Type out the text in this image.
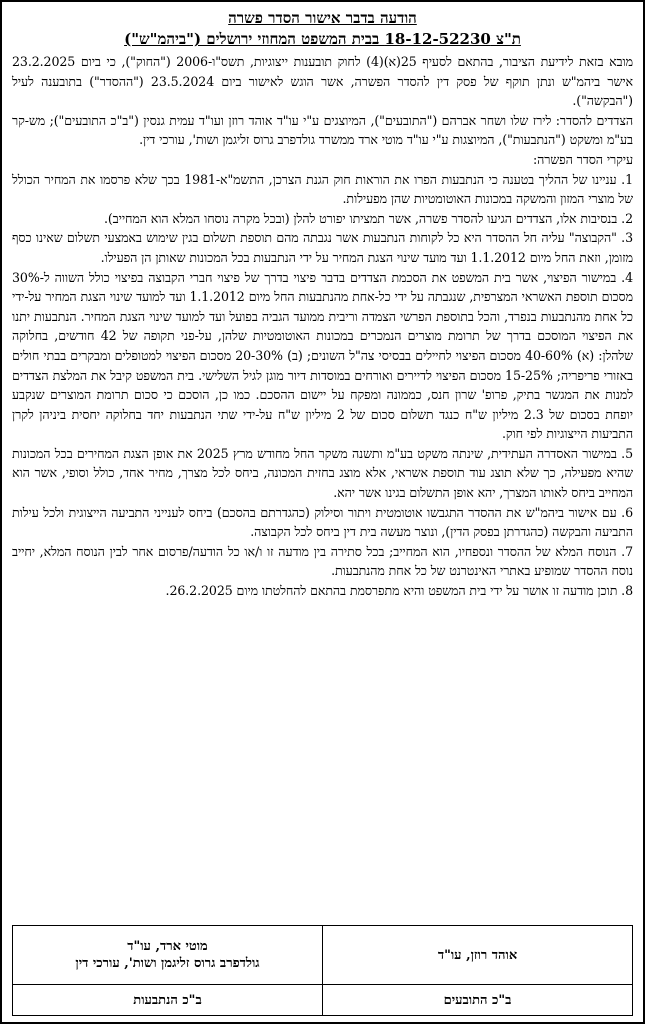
הודעה בדבר אישור הסדר פשרה

ת"צ 18-12-52230 בבית המשפט המחוזי ירושלים ("ביהמ"ש")

מובא בזאת לידיעת הציבור, בהתאם לסעיף 25(א)(4) לחוק תובענות ייצוגיות, תשס"ו-2006 ("החוק"), כי ביום 23.2.2025 אישר ביהמ"ש ונתן תוקף של פסק דין להסדר הפשרה, אשר הוגש לאישור ביום 23.5.2024 ("ההסדר") בתובענה לעיל ("הבקשה").

הצדדים להסדר: לירז שלו ושחר אברהם ("התובעים"), המיוצגים ע"י עו"ד אוהד רוזן ועו"ד עמית גנסין ("ב"כ התובעים"); מש-קר בע"מ ומשקט ("הנתבעות"), המיוצגות ע"י עו"ד מוטי ארד ממשרד גולדפרב גרוס זליגמן ושות', עורכי דין.

עיקרי הסדר הפשרה:

1. עניינו של ההליך בטענה כי הנתבעות הפרו את הוראות חוק הגנת הצרכן, התשמ"א-1981 בכך שלא פרסמו את המחיר הכולל של מוצרי המזון והמשקה במכונות האוטומטיות שהן מפעילות.

2. בנסיבות אלו, הצדדים הגיעו להסדר פשרה, אשר תמציתו יפורט להלן (ובכל מקרה נוסחו המלא הוא המחייב).

3. "הקבוצה" עליה חל ההסדר היא כל לקוחות הנתבעות אשר נגבתה מהם תוספת תשלום בגין שימוש באמצעי תשלום שאינו כסף מזומן, וזאת החל מיום 1.1.2012 ועד מועד שינוי הצגת המחיר על ידי הנתבעות בכל המכונות שאותן הן הפעילו.

4. במישור הפיצוי, אשר בית המשפט את הסכמת הצדדים בדבר פיצוי בדרך של פיצוי חברי הקבוצה בפיצוי כולל השווה ל-30% מסכום תוספת האשראי המצרפית, שנגבתה על ידי כל-אחת מהנתבעות החל מיום 1.1.2012 ועד למועד שינוי הצגת המחיר על-ידי כל אחת מהנתבעות בנפרד, והכל בתוספת הפרשי הצמדה וריבית ממועד הגביה בפועל ועד למועד שינוי הצגת המחיר. הנתבעות יתנו את הפיצוי המוסכם בדרך של תרומת מוצרים הנמכרים במכונות האוטומטיות שלהן, על-פני תקופה של 42 חודשים, בחלוקה שלהלן: (א) 40-60% מסכום הפיצוי לחיילים בבסיסי צה"ל השונים; (ב) 20-30% מסכום הפיצוי למטופלים ומבקרים בבתי חולים באזורי פריפריה; 15-25% מסכום הפיצוי לדיירים ואורחים במוסדות דיור מוגן לגיל השלישי. בית המשפט קיבל את המלצת הצדדים למנות את המגשר בתיק, פרופ' שרון חנס, כממונה ומפקח על יישום ההסכם. כמו כן, הוסכם כי סכום תרומת המוצרים שנקבע יופחת בסכום של 2.3 מיליון ש"ח כנגד תשלום סכום של 2 מיליון ש"ח על-ידי שתי הנתבעות יחד בחלוקה יחסית ביניהן לקרן התביעות הייצוגיות לפי חוק.

5. במישור האסדרה העתידית, שינתה משקט בע"מ ותשנה משקר החל מחודש מרץ 2025 את אופן הצגת המחירים בכל המכונות שהיא מפעילה, כך שלא תוצג עוד תוספת אשראי, אלא מוצג בחזית המכונה, ביחס לכל מצרך, מחיר אחד, כולל וסופי, אשר הוא המחייב ביחס לאותו המצרך, יהא אופן התשלום בגינו אשר יהא.

6. עם אישור ביהמ"ש את ההסדר התגבשו אוטומטית ויתור וסילוק (כהגדרתם בהסכם) ביחס לענייני התביעה הייצוגית ולכל עילות התביעה והבקשה (כהגדרתן בפסק הדין), ונוצר מעשה בית דין ביחס לכל הקבוצה.

7. הנוסח המלא של ההסדר ונספחיו, הוא המחייב; בכל סתירה בין מודעה זו ו/או כל הודעה/פרסום אחר לבין הנוסח המלא, יחייב נוסח ההסדר שמופיע באתרי האינטרנט של כל אחת מהנתבעות.

8. תוכן מודעה זו אושר על ידי בית המשפט והיא מתפרסמת בהתאם להחלטתו מיום 26.2.2025.

אוהד רוזן, עו"ד	מוטי ארד, עו"ד
גולדפרב גרוס זליגמן ושות', עורכי דין

ב"כ התובעים	ב"כ הנתבעות
